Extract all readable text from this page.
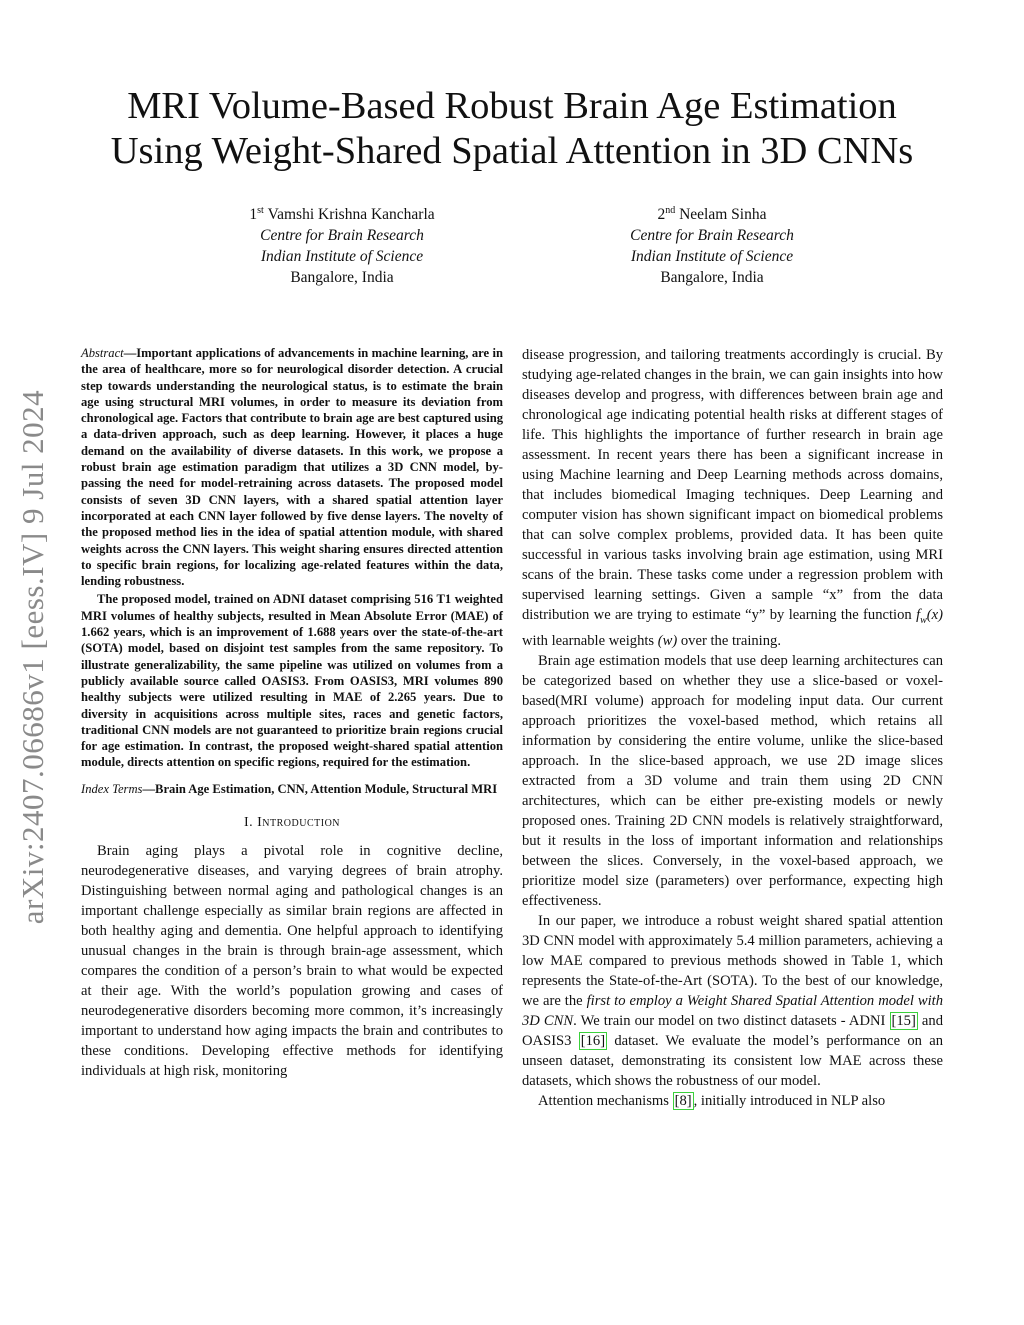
arXiv:2407.06686v1 [eess.IV] 9 Jul 2024
MRI Volume-Based Robust Brain Age Estimation
Using Weight-Shared Spatial Attention in 3D CNNs
1st Vamshi Krishna Kancharla
Centre for Brain Research
Indian Institute of Science
Bangalore, India
2nd Neelam Sinha
Centre for Brain Research
Indian Institute of Science
Bangalore, India

Abstract—Important applications of advancements in machine learning, are in the area of healthcare, more so for neurological disorder detection. A crucial step towards understanding the neurological status, is to estimate the brain age using structural MRI volumes, in order to measure its deviation from chronological age. Factors that contribute to brain age are best captured using a data-driven approach, such as deep learning. However, it places a huge demand on the availability of diverse datasets. In this work, we propose a robust brain age estimation paradigm that utilizes a 3D CNN model, by-passing the need for model-retraining across datasets. The proposed model consists of seven 3D CNN layers, with a shared spatial attention layer incorporated at each CNN layer followed by five dense layers. The novelty of the proposed method lies in the idea of spatial attention module, with shared weights across the CNN layers. This weight sharing ensures directed attention to specific brain regions, for localizing age-related features within the data, lending robustness.

The proposed model, trained on ADNI dataset comprising 516 T1 weighted MRI volumes of healthy subjects, resulted in Mean Absolute Error (MAE) of 1.662 years, which is an improvement of 1.688 years over the state-of-the-art (SOTA) model, based on disjoint test samples from the same repository. To illustrate generalizability, the same pipeline was utilized on volumes from a publicly available source called OASIS3. From OASIS3, MRI volumes 890 healthy subjects were utilized resulting in MAE of 2.265 years. Due to diversity in acquisitions across multiple sites, races and genetic factors, traditional CNN models are not guaranteed to prioritize brain regions crucial for age estimation. In contrast, the proposed weight-shared spatial attention module, directs attention on specific regions, required for the estimation.

Index Terms—Brain Age Estimation, CNN, Attention Module, Structural MRI

I. Introduction

Brain aging plays a pivotal role in cognitive decline, neurodegenerative diseases, and varying degrees of brain atrophy. Distinguishing between normal aging and pathological changes is an important challenge especially as similar brain regions are affected in both healthy aging and dementia. One helpful approach to identifying unusual changes in the brain is through brain-age assessment, which compares the condition of a person’s brain to what would be expected at their age. With the world’s population growing and cases of neurodegenerative disorders becoming more common, it’s increasingly important to understand how aging impacts the brain and contributes to these conditions. Developing effective methods for identifying individuals at high risk, monitoring

disease progression, and tailoring treatments accordingly is crucial. By studying age-related changes in the brain, we can gain insights into how diseases develop and progress, with differences between brain age and chronological age indicating potential health risks at different stages of life. This highlights the importance of further research in brain age assessment. In recent years there has been a significant increase in using Machine learning and Deep Learning methods across domains, that includes biomedical Imaging techniques. Deep Learning and computer vision has shown significant impact on biomedical problems that can solve complex problems, provided data. It has been quite successful in various tasks involving brain age estimation, using MRI scans of the brain. These tasks come under a regression problem with supervised learning settings. Given a sample “x” from the data distribution we are trying to estimate “y” by learning the function $f_w(x)$ with learnable weights (w) over the training.

Brain age estimation models that use deep learning architectures can be categorized based on whether they use a slice-based or voxel-based(MRI volume) approach for modeling input data. Our current approach prioritizes the voxel-based method, which retains all information by considering the entire volume, unlike the slice-based approach. In the slice-based approach, we use 2D image slices extracted from a 3D volume and train them using 2D CNN architectures, which can be either pre-existing models or newly proposed ones. Training 2D CNN models is relatively straightforward, but it results in the loss of important information and relationships between the slices. Conversely, in the voxel-based approach, we prioritize model size (parameters) over performance, expecting high effectiveness.

In our paper, we introduce a robust weight shared spatial attention 3D CNN model with approximately 5.4 million parameters, achieving a low MAE compared to previous methods showed in Table 1, which represents the State-of-the-Art (SOTA). To the best of our knowledge, we are the first to employ a Weight Shared Spatial Attention model with 3D CNN. We train our model on two distinct datasets - ADNI [15] and OASIS3 [16] dataset. We evaluate the model’s performance on an unseen dataset, demonstrating its consistent low MAE across these datasets, which shows the robustness of our model.

Attention mechanisms [8] , initially introduced in NLP also
